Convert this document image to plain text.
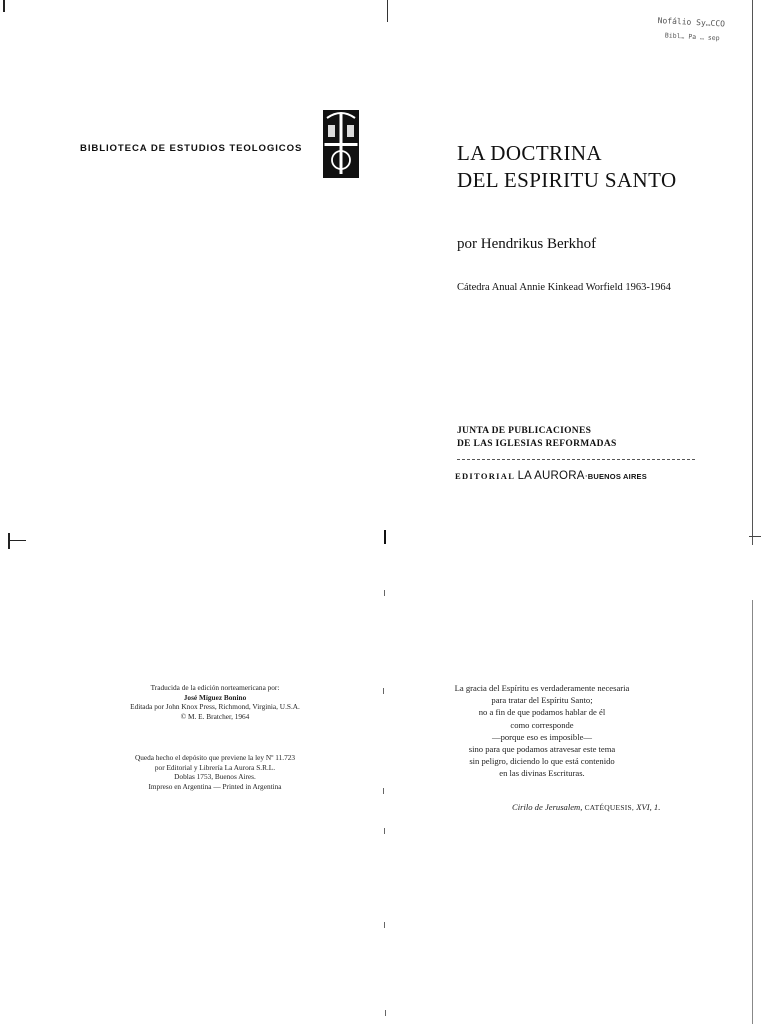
BIBLIOTECA DE ESTUDIOS TEOLOGICOS
Nofálio Sy…CCO
Bibl… Pa … sep
LA DOCTRINA
DEL ESPIRITU SANTO
por Hendrikus Berkhof
Cátedra Anual Annie Kinkead Worfield 1963-1964
JUNTA DE PUBLICACIONES
DE LAS IGLESIAS REFORMADAS
EDITORIAL LA AURORA·BUENOS AIRES
Traducida de la edición norteamericana por:
José Míguez Bonino
Editada por John Knox Press, Richmond, Virginia, U.S.A.
© M. E. Bratcher, 1964
Queda hecho el depósito que previene la ley Nº 11.723
por Editorial y Librería La Aurora S.R.L.
Doblas 1753, Buenos Aires.
Impreso en Argentina — Printed in Argentina
La gracia del Espíritu es verdaderamente necesaria
para tratar del Espíritu Santo;
no a fin de que podamos hablar de él
como corresponde
—porque eso es imposible—
sino para que podamos atravesar este tema
sin peligro, diciendo lo que está contenido
en las divinas Escrituras.
Cirilo de Jerusalem, CATÉQUESIS, XVI, 1.
